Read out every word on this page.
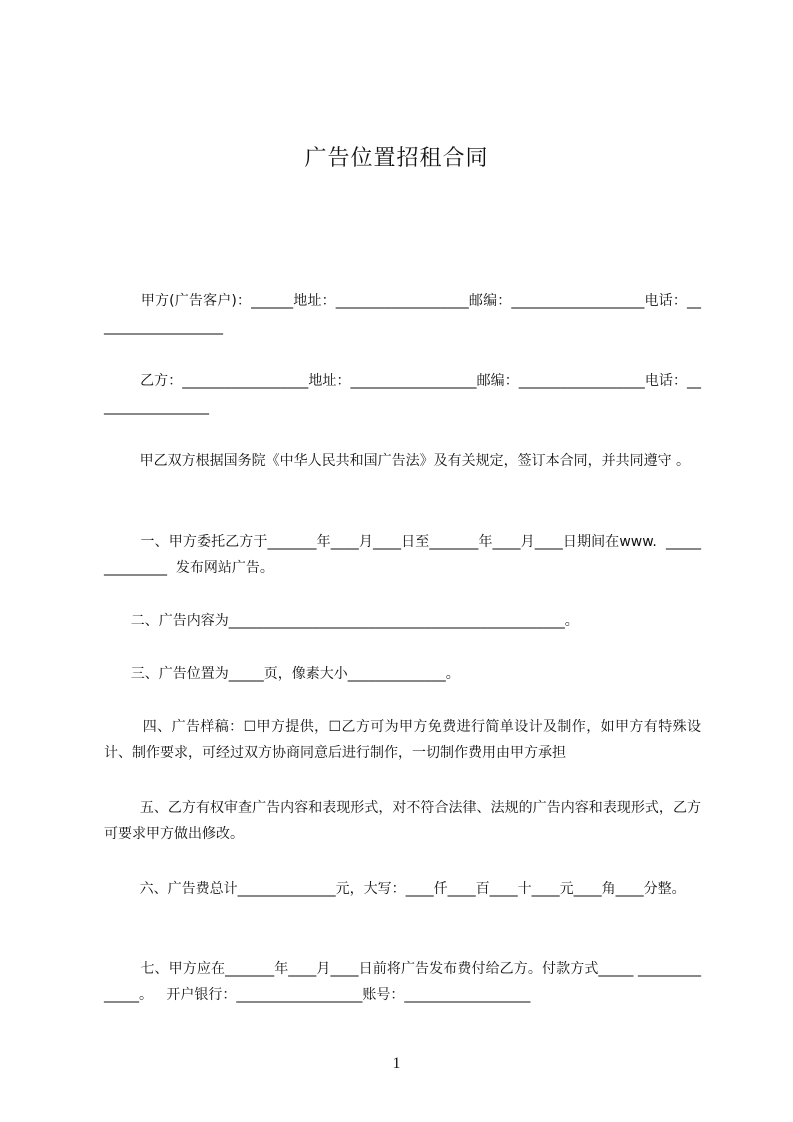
广告位置招租合同

甲方(广告客户)：______地址：___________________邮编：___________________电话：___________________

乙方：__________________地址：__________________邮编：__________________电话：_________________

甲乙双方根据国务院《中华人民共和国广告法》及有关规定，签订本合同，并共同遵守 。

一、甲方委托乙方于_______年____月____日至_______年____月____日期间在www.  ______________  发布网站广告。

二、广告内容为________________________________________________。

三、广告位置为_____页，像素大小______________。

四、广告样稿：☐甲方提供，☐乙方可为甲方免费进行简单设计及制作，如甲方有特殊设计、制作要求，可经过双方协商同意后进行制作，一切制作费用由甲方承担

五、乙方有权审查广告内容和表现形式，对不符合法律、法规的广告内容和表现形式，乙方可要求甲方做出修改。

六、广告费总计______________元，大写：____仟____百____十____元____角____分整。

七、甲方应在_______年____月____日前将广告发布费付给乙方。付款方式_____ ______________。   开户银行：__________________账号：__________________

1
